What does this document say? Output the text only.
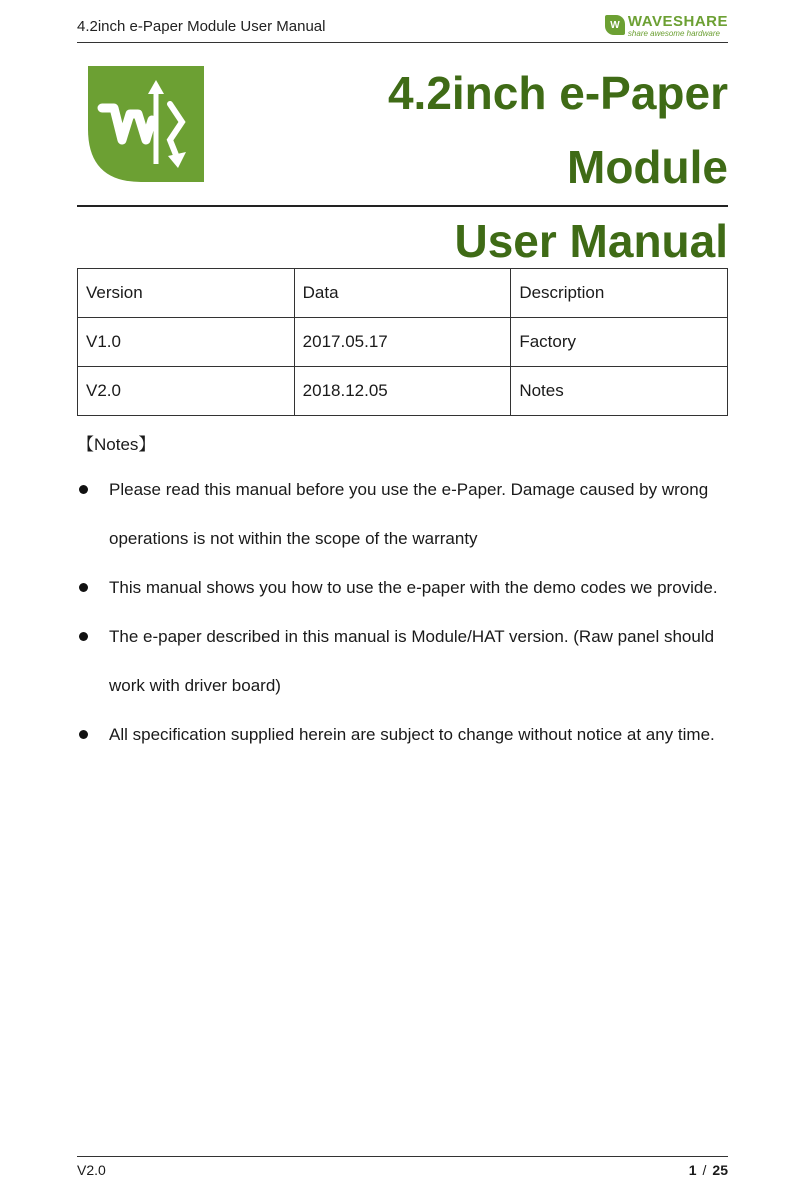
4.2inch e-Paper Module User Manual	W WAVESHARE
share awesome hardware
4.2inch e-Paper Module
User Manual
Version	Data	Description
V1.0	2017.05.17	Factory
V2.0	2018.12.05	Notes
【Notes】
Please read this manual before you use the e-Paper. Damage caused by wrong operations is not within the scope of the warranty
This manual shows you how to use the e-paper with the demo codes we provide.
The e-paper described in this manual is Module/HAT version. (Raw panel should work with driver board)
All specification supplied herein are subject to change without notice at any time.
V2.0	1 / 25
